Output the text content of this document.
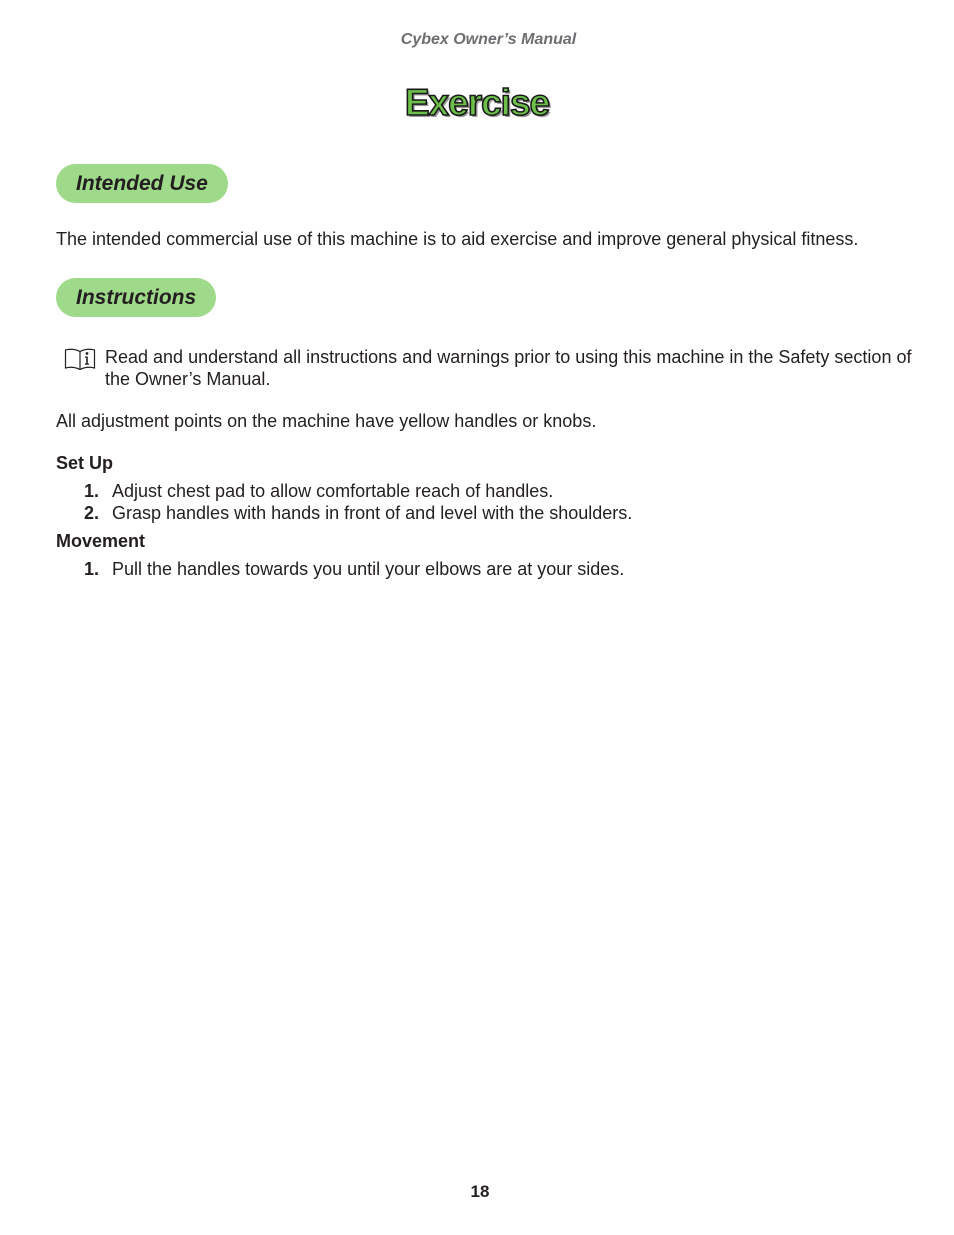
Cybex Owner’s Manual
Exercise
Intended Use

The intended commercial use of this machine is to aid exercise and improve general physical fitness.

Instructions
Read and understand all instructions and warnings prior to using this machine in the Safety section of the Owner’s Manual.

All adjustment points on the machine have yellow handles or knobs.

Set Up

1. Adjust chest pad to allow comfortable reach of handles.
2. Grasp handles with hands in front of and level with the shoulders.

Movement

1. Pull the handles towards you until your elbows are at your sides.
18
